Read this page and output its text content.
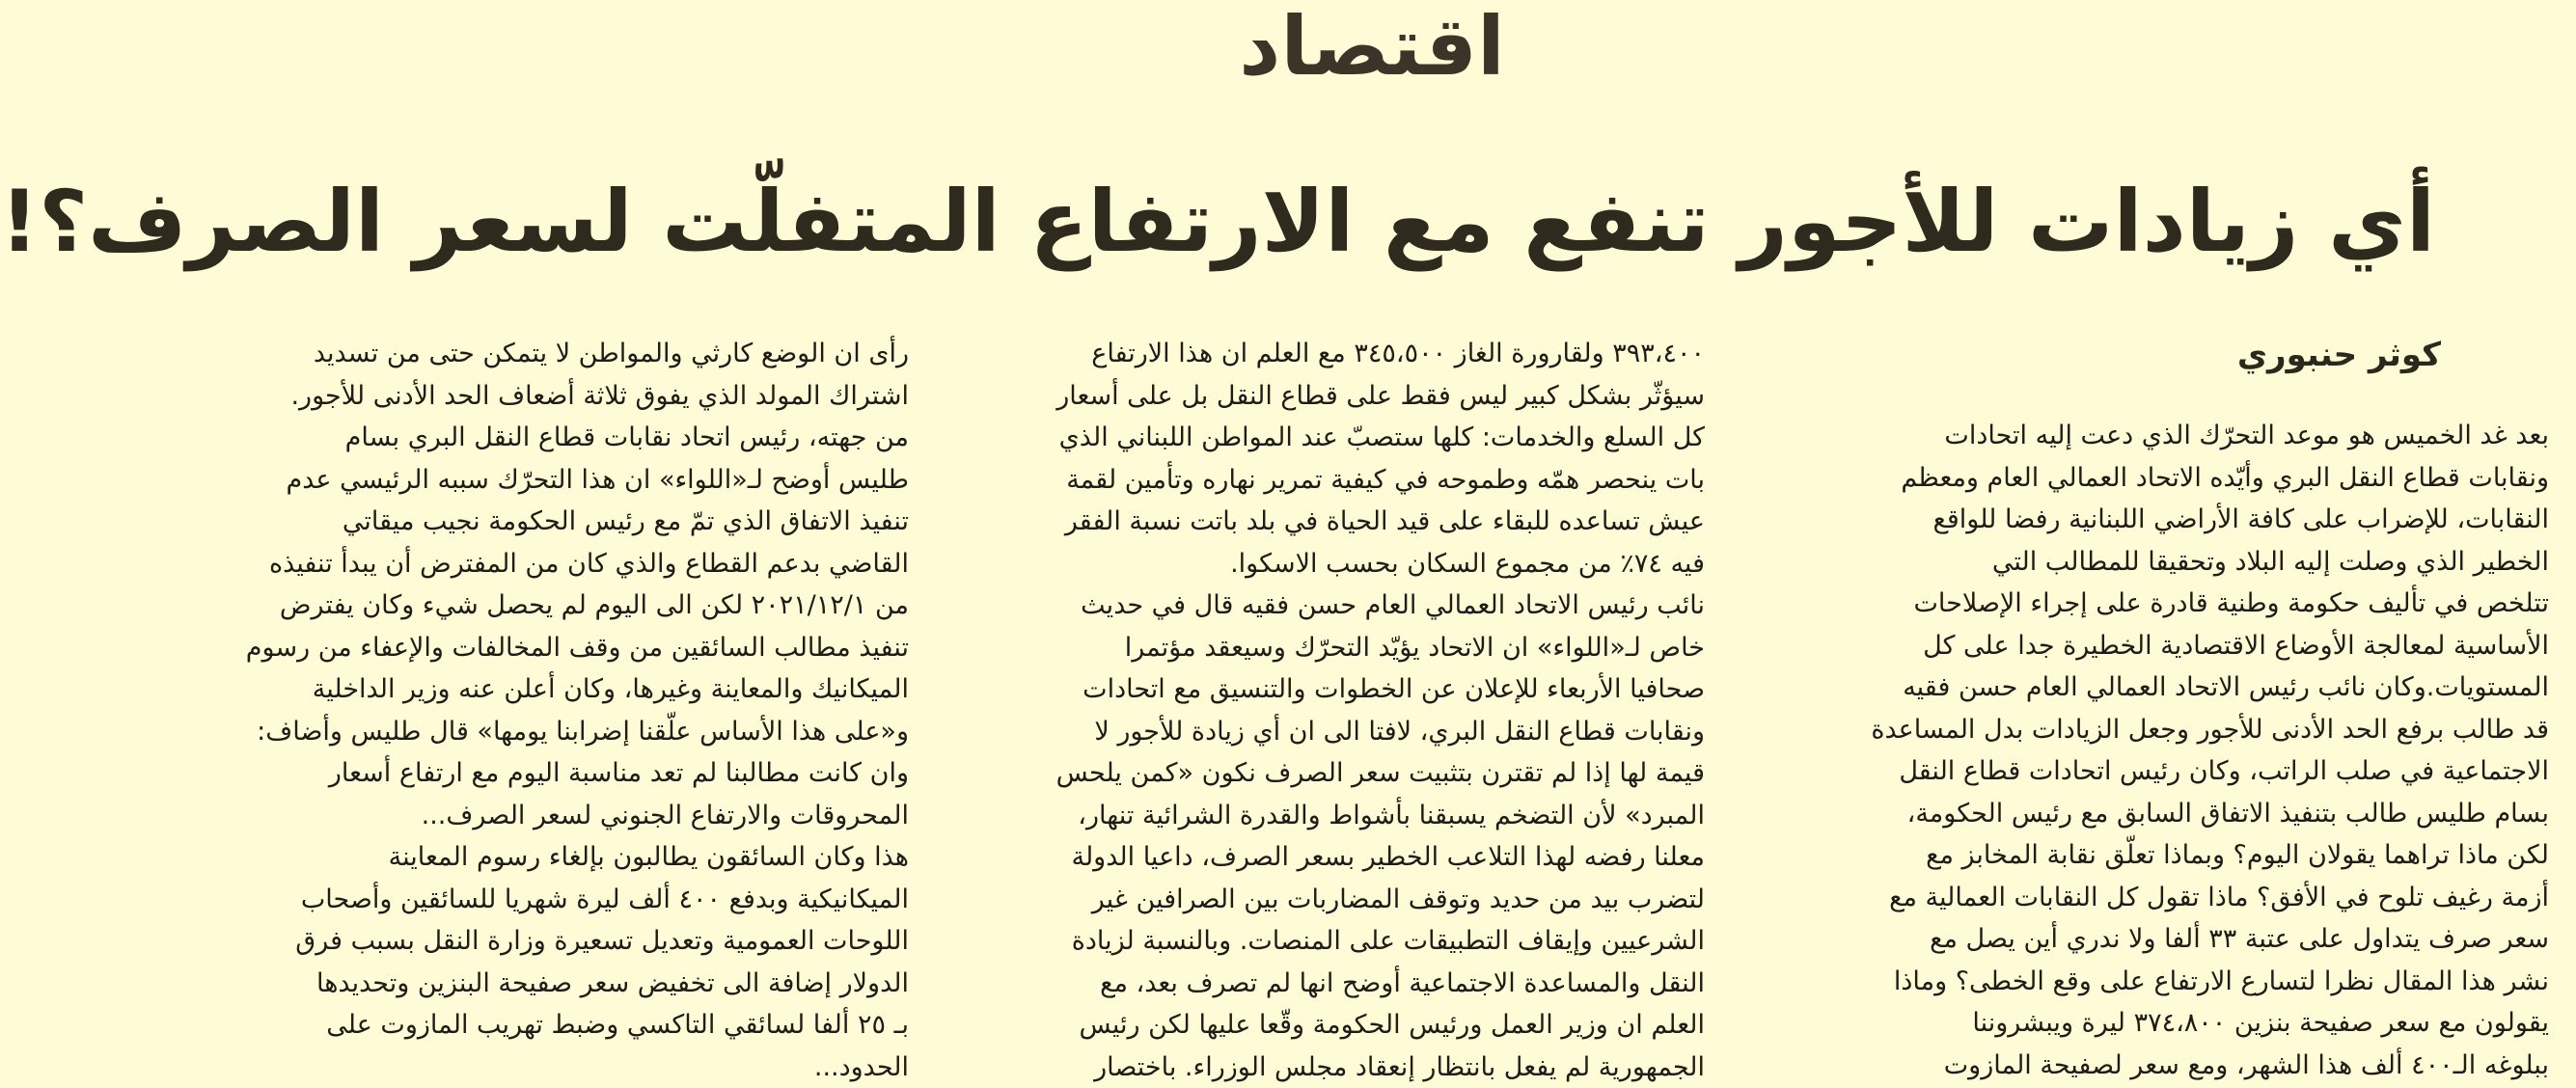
اقتصاد
أي زيادات للأجور تنفع مع الارتفاع المتفلّت لسعر الصرف؟!
كوثر حنبوري

بعد غد الخميس هو موعد التحرّك الذي دعت إليه اتحادات

ونقابات قطاع النقل البري وأيّده الاتحاد العمالي العام ومعظم

النقابات، للإضراب على كافة الأراضي اللبنانية رفضا للواقع

الخطير الذي وصلت إليه البلاد وتحقيقا للمطالب التي

تتلخص في تأليف حكومة وطنية قادرة على إجراء الإصلاحات

الأساسية لمعالجة الأوضاع الاقتصادية الخطيرة جدا على كل

المستويات.وكان نائب رئيس الاتحاد العمالي العام حسن فقيه

قد طالب برفع الحد الأدنى للأجور وجعل الزيادات بدل المساعدة

الاجتماعية في صلب الراتب، وكان رئيس اتحادات قطاع النقل

بسام طليس طالب بتنفيذ الاتفاق السابق مع رئيس الحكومة،

لكن ماذا تراهما يقولان اليوم؟ وبماذا تعلّق نقابة المخابز مع

أزمة رغيف تلوح في الأفق؟ ماذا تقول كل النقابات العمالية مع

سعر صرف يتداول على عتبة ٣٣ ألفا ولا ندري أين يصل مع

نشر هذا المقال نظرا لتسارع الارتفاع على وقع الخطى؟ وماذا

يقولون مع سعر صفيحة بنزين ٣٧٤،٨٠٠ ليرة ويبشروننا

ببلوغه الـ٤٠٠ ألف هذا الشهر، ومع سعر لصفيحة المازوت

٣٩٣،٤٠٠ ولقارورة الغاز ٣٤٥،٥٠٠ مع العلم ان هذا الارتفاع

سيؤثّر بشكل كبير ليس فقط على قطاع النقل بل على أسعار

كل السلع والخدمات: كلها ستصبّ عند المواطن اللبناني الذي

بات ينحصر همّه وطموحه في كيفية تمرير نهاره وتأمين لقمة

عيش تساعده للبقاء على قيد الحياة في بلد باتت نسبة الفقر

فيه ٧٤٪ من مجموع السكان بحسب الاسكوا.

نائب رئيس الاتحاد العمالي العام حسن فقيه قال في حديث

خاص لـ«اللواء» ان الاتحاد يؤيّد التحرّك وسيعقد مؤتمرا

صحافيا الأربعاء للإعلان عن الخطوات والتنسيق مع اتحادات

ونقابات قطاع النقل البري، لافتا الى ان أي زيادة للأجور لا

قيمة لها إذا لم تقترن بتثبيت سعر الصرف نكون «كمن يلحس

المبرد» لأن التضخم يسبقنا بأشواط والقدرة الشرائية تنهار،

معلنا رفضه لهذا التلاعب الخطير بسعر الصرف، داعيا الدولة

لتضرب بيد من حديد وتوقف المضاربات بين الصرافين غير

الشرعيين وإيقاف التطبيقات على المنصات. وبالنسبة لزيادة

النقل والمساعدة الاجتماعية أوضح انها لم تصرف بعد، مع

العلم ان وزير العمل ورئيس الحكومة وقّعا عليها لكن رئيس

الجمهورية لم يفعل بانتظار إنعقاد مجلس الوزراء. باختصار

رأى ان الوضع كارثي والمواطن لا يتمكن حتى من تسديد

اشتراك المولد الذي يفوق ثلاثة أضعاف الحد الأدنى للأجور.

من جهته، رئيس اتحاد نقابات قطاع النقل البري بسام

طليس أوضح لـ«اللواء» ان هذا التحرّك سببه الرئيسي عدم

تنفيذ الاتفاق الذي تمّ مع رئيس الحكومة نجيب ميقاتي

القاضي بدعم القطاع والذي كان من المفترض أن يبدأ تنفيذه

من ٢٠٢١/١٢/١ لكن الى اليوم لم يحصل شيء وكان يفترض

تنفيذ مطالب السائقين من وقف المخالفات والإعفاء من رسوم

الميكانيك والمعاينة وغيرها، وكان أعلن عنه وزير الداخلية

و«على هذا الأساس علّقنا إضرابنا يومها» قال طليس وأضاف:

وان كانت مطالبنا لم تعد مناسبة اليوم مع ارتفاع أسعار

المحروقات والارتفاع الجنوني لسعر الصرف...

هذا وكان السائقون يطالبون بإلغاء رسوم المعاينة

الميكانيكية وبدفع ٤٠٠ ألف ليرة شهريا للسائقين وأصحاب

اللوحات العمومية وتعديل تسعيرة وزارة النقل بسبب فرق

الدولار إضافة الى تخفيض سعر صفيحة البنزين وتحديدها

بـ ٢٥ ألفا لسائقي التاكسي وضبط تهريب المازوت على

الحدود...
